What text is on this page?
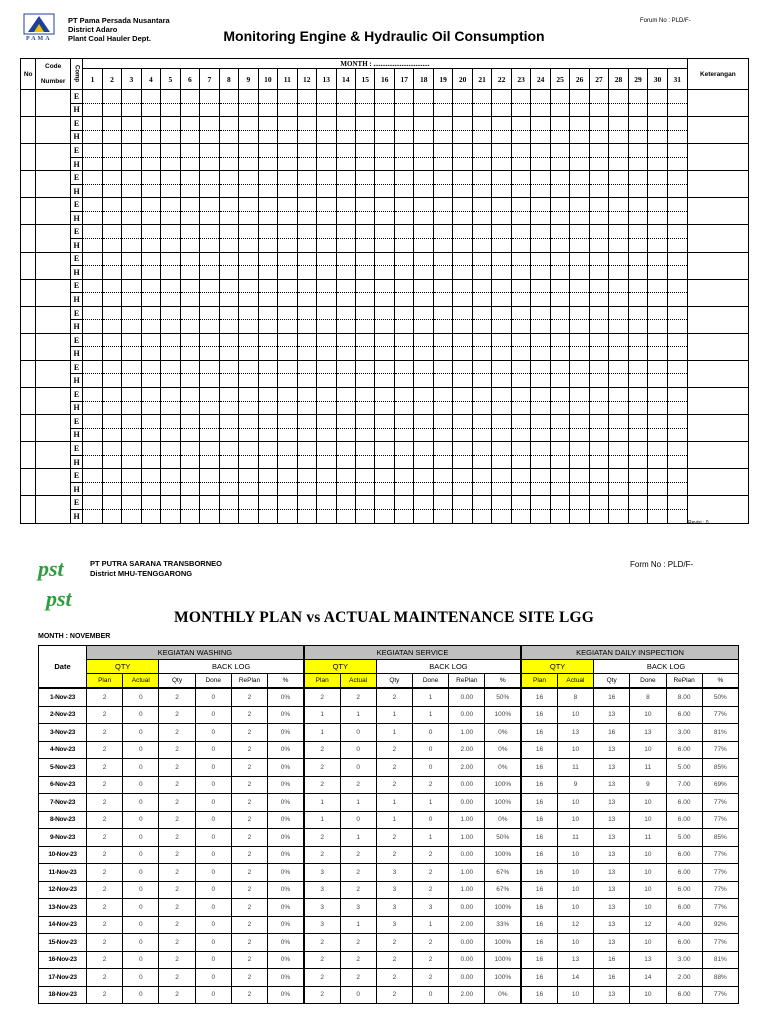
PAMA
PT Pama Persada Nusantara
District Adaro
Plant Coal Hauler Dept.	Monitoring Engine & Hydraulic Oil Consumption
Forum No : PLD/F-
No	Code Number	Comp	MONTH : ................................																															Keterangan
			1	2	3	4	5	6	7	8	9	10	11	12	13	14	15	16	17	18	19	20	21	22	23	24	25	26	27	28	29	30	31	
		E																																
		H																																
		E																																
		H																																
		E																																
		H																																
		E																																
		H																																
		E																																
		H																																
		E																																
		H																																
		E																																
		H																																
		E																																
		H																																
		E																																
		H																																
		E																																
		H																																
		E																																
		H																																
		E																																
		H																																
		E																																
		H																																
		E																																
		H																																
		E																																
		H																																
		E																																
		H																																
Revisi : 0
pst
pst
PT PUTRA SARANA TRANSBORNEO
District MHU-TENGGARONG
Form No : PLD/F-
MONTHLY PLAN vs ACTUAL MAINTENANCE SITE LGG
MONTH : NOVEMBER
Date	KEGIATAN WASHING						KEGIATAN SERVICE						KEGIATAN DAILY INSPECTION					
	QTY		BACK LOG				QTY		BACK LOG				QTY		BACK LOG			
	Plan	Actual	Qty	Done	RePlan	%	Plan	Actual	Qty	Done	RePlan	%	Plan	Actual	Qty	Done	RePlan	%
1-Nov-23	2	0	2	0	2	0%	2	2	2	1	0.00	50%	16	8	16	8	8.00	50%
2-Nov-23	2	0	2	0	2	0%	1	1	1	1	0.00	100%	16	10	13	10	6.00	77%
3-Nov-23	2	0	2	0	2	0%	1	0	1	0	1.00	0%	16	13	16	13	3.00	81%
4-Nov-23	2	0	2	0	2	0%	2	0	2	0	2.00	0%	16	10	13	10	6.00	77%
5-Nov-23	2	0	2	0	2	0%	2	0	2	0	2.00	0%	16	11	13	11	5.00	85%
6-Nov-23	2	0	2	0	2	0%	2	2	2	2	0.00	100%	16	9	13	9	7.00	69%
7-Nov-23	2	0	2	0	2	0%	1	1	1	1	0.00	100%	16	10	13	10	6.00	77%
8-Nov-23	2	0	2	0	2	0%	1	0	1	0	1.00	0%	16	10	13	10	6.00	77%
9-Nov-23	2	0	2	0	2	0%	2	1	2	1	1.00	50%	16	11	13	11	5.00	85%
10-Nov-23	2	0	2	0	2	0%	2	2	2	2	0.00	100%	16	10	13	10	6.00	77%
11-Nov-23	2	0	2	0	2	0%	3	2	3	2	1.00	67%	16	10	13	10	6.00	77%
12-Nov-23	2	0	2	0	2	0%	3	2	3	2	1.00	67%	16	10	13	10	6.00	77%
13-Nov-23	2	0	2	0	2	0%	3	3	3	3	0.00	100%	16	10	13	10	6.00	77%
14-Nov-23	2	0	2	0	2	0%	3	1	3	1	2.00	33%	16	12	13	12	4.00	92%
15-Nov-23	2	0	2	0	2	0%	2	2	2	2	0.00	100%	16	10	13	10	6.00	77%
16-Nov-23	2	0	2	0	2	0%	2	2	2	2	0.00	100%	16	13	16	13	3.00	81%
17-Nov-23	2	0	2	0	2	0%	2	2	2	2	0.00	100%	16	14	16	14	2.00	88%
18-Nov-23	2	0	2	0	2	0%	2	0	2	0	2.00	0%	16	10	13	10	6.00	77%
